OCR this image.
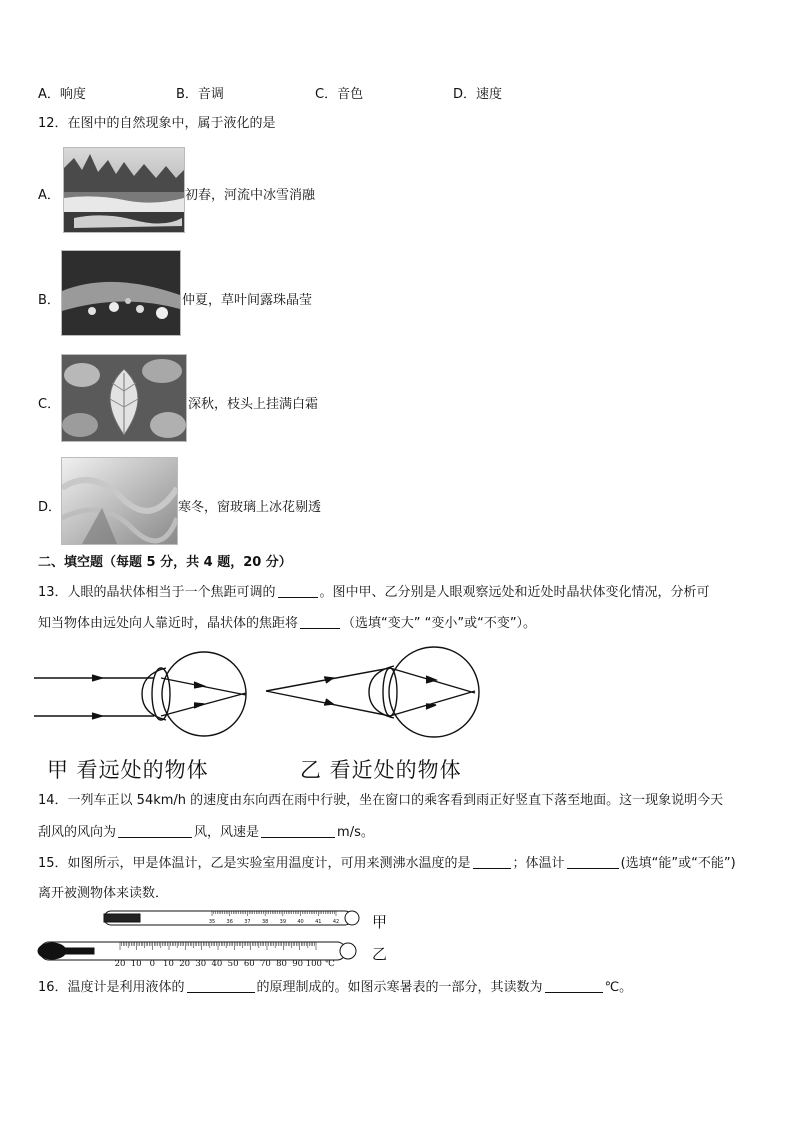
A．响度	B．音调	C．音色	D．速度
12．在图中的自然现象中，属于液化的是
A．	初春，河流中冰雪消融
B．	仲夏，草叶间露珠晶莹
C．	深秋，枝头上挂满白霜
D．	寒冬，窗玻璃上冰花剔透
二、填空题（每题 5 分，共 4 题，20 分）
13．人眼的晶状体相当于一个焦距可调的	。图中甲、乙分别是人眼观察远处和近处时晶状体变化情况，分析可
知当物体由远处向人靠近时，晶状体的焦距将	（选填“变大” “变小”或“不变”）。
甲 看远处的物体	乙 看近处的物体
14．一列车正以 54km/h 的速度由东向西在雨中行驶，坐在窗口的乘客看到雨正好竖直下落至地面。这一现象说明今天
刮风的风向为	风，风速是	m/s。
15．如图所示，甲是体温计，乙是实验室用温度计，可用来测沸水温度的是	；体温计	(选填“能”或“不能”)
离开被测物体来读数．
35 36 37 38 39 40 41 42
20 10 0 10 20 30 40 50 60 70 80 90 100 ℃
甲
乙
16．温度计是利用液体的	的原理制成的。如图示寒暑表的一部分，其读数为	℃。
